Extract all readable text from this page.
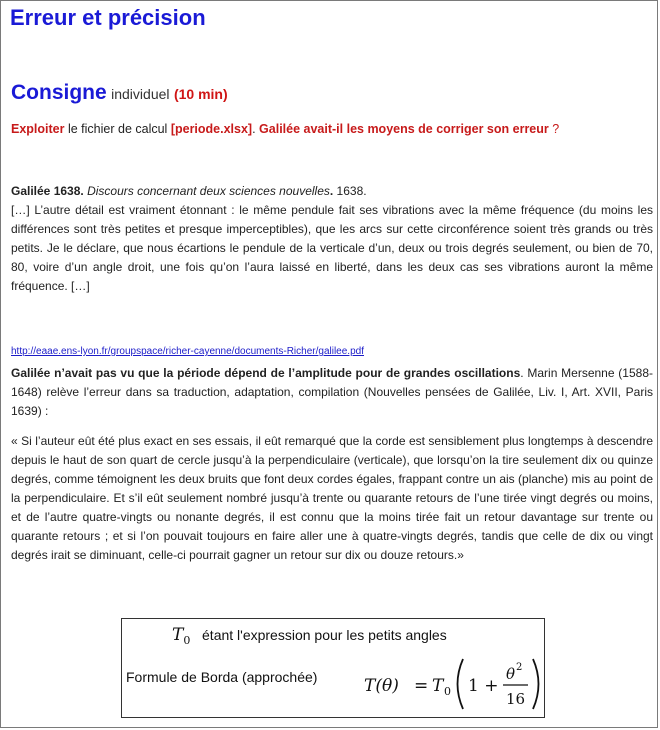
Erreur et précision
Consigne individuel (10 min)
Exploiter le fichier de calcul [periode.xlsx]. Galilée avait-il les moyens de corriger son erreur ?
Galilée 1638. Discours concernant deux sciences nouvelles. 1638.
[…] L’autre détail est vraiment étonnant : le même pendule fait ses vibrations avec la même fréquence (du moins les différences sont très petites et presque imperceptibles), que les arcs sur cette circonférence soient très grands ou très petits. Je le déclare, que nous écartions le pendule de la verticale d’un, deux ou trois degrés seulement, ou bien de 70, 80, voire d’un angle droit, une fois qu’on l’aura laissé en liberté, dans les deux cas ses vibrations auront la même fréquence. […]
http://eaae.ens-lyon.fr/groupspace/richer-cayenne/documents-Richer/galilee.pdf
Galilée n’avait pas vu que la période dépend de l’amplitude pour de grandes oscillations. Marin Mersenne (1588-1648) relève l’erreur dans sa traduction, adaptation, compilation (Nouvelles pensées de Galilée, Liv. I, Art. XVII, Paris 1639) :
« Si l’auteur eût été plus exact en ses essais, il eût remarqué que la corde est sensiblement plus longtemps à descendre depuis le haut de son quart de cercle jusqu’à la perpendiculaire (verticale), que lorsqu’on la tire seulement dix ou quinze degrés, comme témoignent les deux bruits que font deux cordes égales, frappant contre un ais (planche) mis au point de la perpendiculaire. Et s’il eût seulement nombré jusqu’à trente ou quarante retours de l’une tirée vingt degrés ou moins, et de l’autre quatre-vingts ou nonante degrés, il est connu que la moins tirée fait un retour davantage sur trente ou quarante retours ; et si l’on pouvait toujours en faire aller une à quatre-vingts degrés, tandis que celle de dix ou vingt degrés irait se diminuant, celle-ci pourrait gagner un retour sur dix ou douze retours.»
$T_0$ étant l'expression pour les petits angles
Formule de Borda (approchée)	T(θ) = T 0 1 +
θ 2
16
